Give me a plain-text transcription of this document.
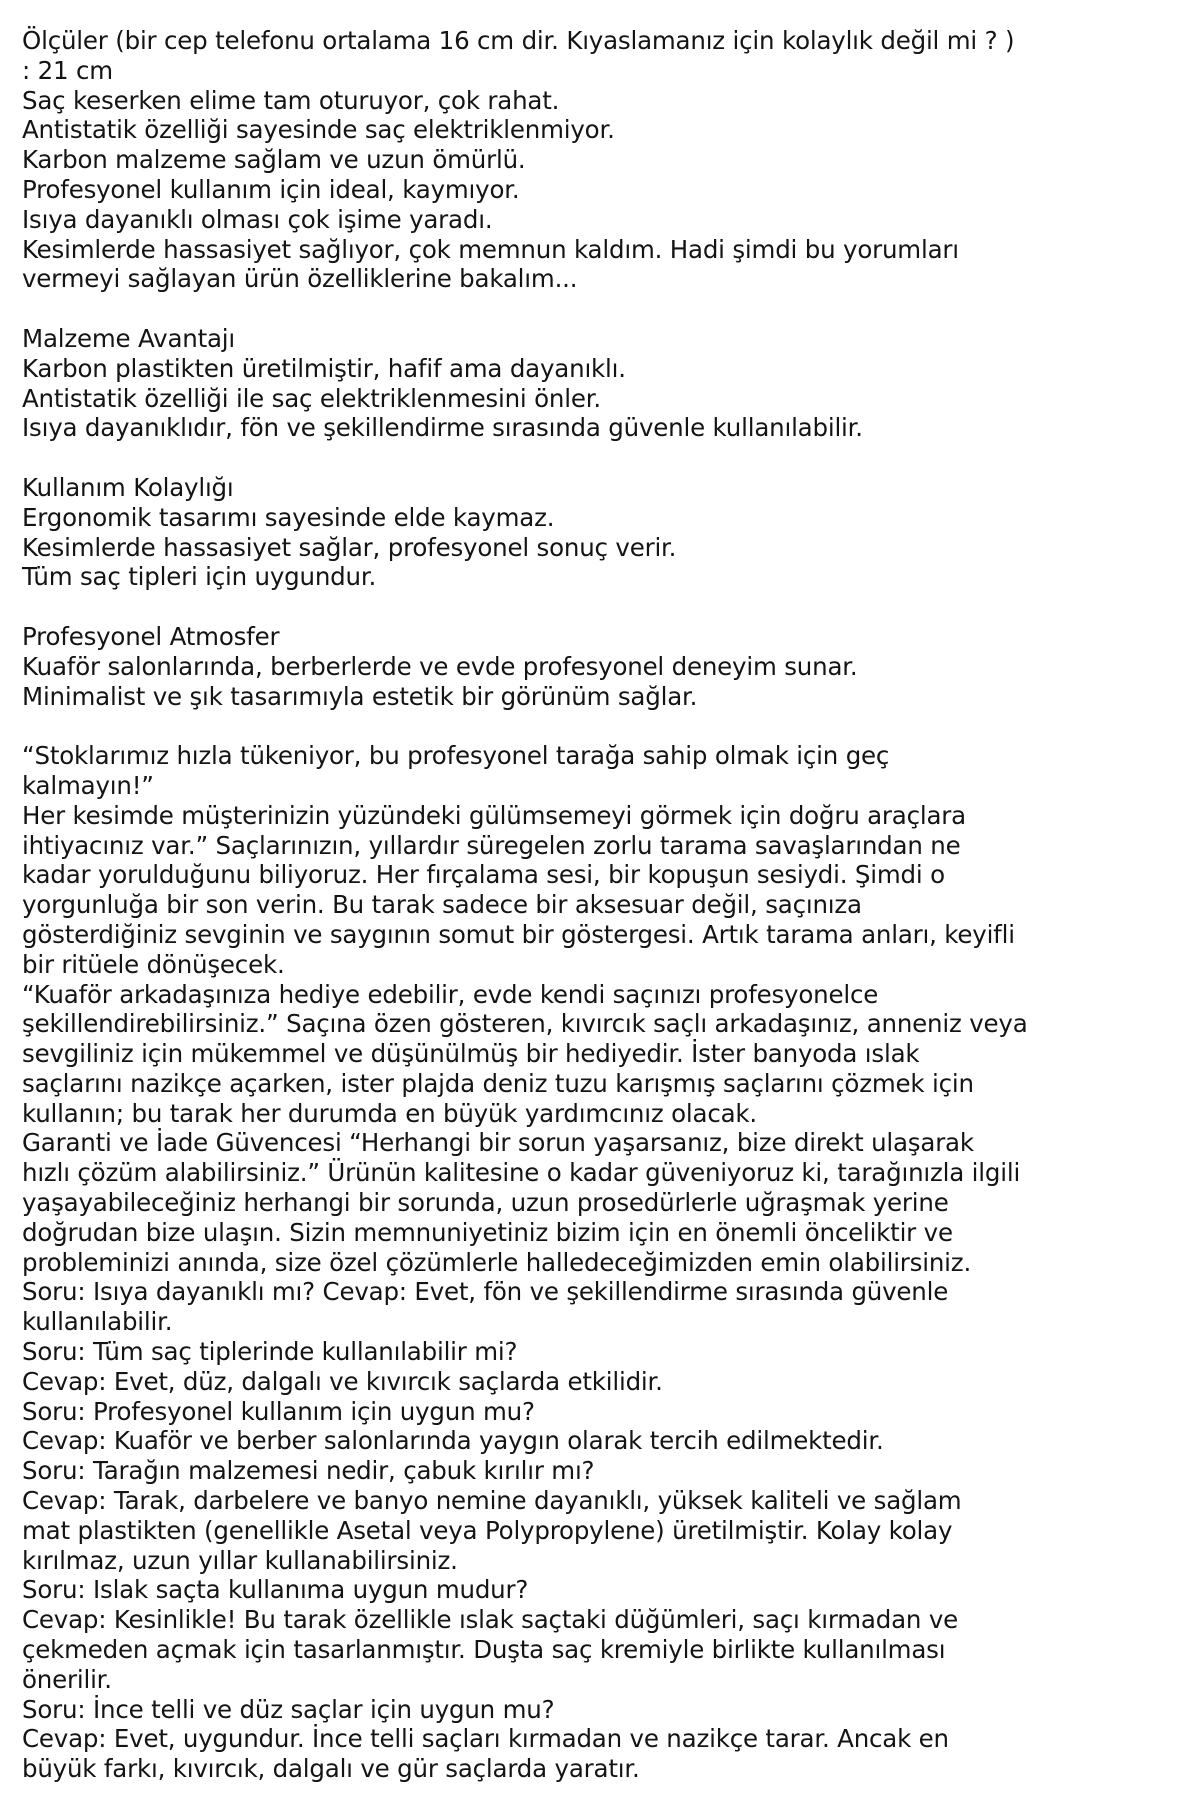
Ölçüler (bir cep telefonu ortalama 16 cm dir. Kıyaslamanız için kolaylık değil mi ? )
: 21 cm
Saç keserken elime tam oturuyor, çok rahat.
Antistatik özelliği sayesinde saç elektriklenmiyor.
Karbon malzeme sağlam ve uzun ömürlü.
Profesyonel kullanım için ideal, kaymıyor.
Isıya dayanıklı olması çok işime yaradı.
Kesimlerde hassasiyet sağlıyor, çok memnun kaldım. Hadi şimdi bu yorumları
vermeyi sağlayan ürün özelliklerine bakalım...
Malzeme Avantajı
Karbon plastikten üretilmiştir, hafif ama dayanıklı.
Antistatik özelliği ile saç elektriklenmesini önler.
Isıya dayanıklıdır, fön ve şekillendirme sırasında güvenle kullanılabilir.
Kullanım Kolaylığı
Ergonomik tasarımı sayesinde elde kaymaz.
Kesimlerde hassasiyet sağlar, profesyonel sonuç verir.
Tüm saç tipleri için uygundur.
Profesyonel Atmosfer
Kuaför salonlarında, berberlerde ve evde profesyonel deneyim sunar.
Minimalist ve şık tasarımıyla estetik bir görünüm sağlar.
“Stoklarımız hızla tükeniyor, bu profesyonel tarağa sahip olmak için geç
kalmayın!”
Her kesimde müşterinizin yüzündeki gülümsemeyi görmek için doğru araçlara
ihtiyacınız var.” Saçlarınızın, yıllardır süregelen zorlu tarama savaşlarından ne
kadar yorulduğunu biliyoruz. Her fırçalama sesi, bir kopuşun sesiydi. Şimdi o
yorgunluğa bir son verin. Bu tarak sadece bir aksesuar değil, saçınıza
gösterdiğiniz sevginin ve saygının somut bir göstergesi. Artık tarama anları, keyifli
bir ritüele dönüşecek.
“Kuaför arkadaşınıza hediye edebilir, evde kendi saçınızı profesyonelce
şekillendirebilirsiniz.” Saçına özen gösteren, kıvırcık saçlı arkadaşınız, anneniz veya
sevgiliniz için mükemmel ve düşünülmüş bir hediyedir. İster banyoda ıslak
saçlarını nazikçe açarken, ister plajda deniz tuzu karışmış saçlarını çözmek için
kullanın; bu tarak her durumda en büyük yardımcınız olacak.
Garanti ve İade Güvencesi “Herhangi bir sorun yaşarsanız, bize direkt ulaşarak
hızlı çözüm alabilirsiniz.” Ürünün kalitesine o kadar güveniyoruz ki, tarağınızla ilgili
yaşayabileceğiniz herhangi bir sorunda, uzun prosedürlerle uğraşmak yerine
doğrudan bize ulaşın. Sizin memnuniyetiniz bizim için en önemli önceliktir ve
probleminizi anında, size özel çözümlerle halledeceğimizden emin olabilirsiniz.
Soru: Isıya dayanıklı mı? Cevap: Evet, fön ve şekillendirme sırasında güvenle
kullanılabilir.
Soru: Tüm saç tiplerinde kullanılabilir mi?
Cevap: Evet, düz, dalgalı ve kıvırcık saçlarda etkilidir.
Soru: Profesyonel kullanım için uygun mu?
Cevap: Kuaför ve berber salonlarında yaygın olarak tercih edilmektedir.
Soru: Tarağın malzemesi nedir, çabuk kırılır mı?
Cevap: Tarak, darbelere ve banyo nemine dayanıklı, yüksek kaliteli ve sağlam
mat plastikten (genellikle Asetal veya Polypropylene) üretilmiştir. Kolay kolay
kırılmaz, uzun yıllar kullanabilirsiniz.
Soru: Islak saçta kullanıma uygun mudur?
Cevap: Kesinlikle! Bu tarak özellikle ıslak saçtaki düğümleri, saçı kırmadan ve
çekmeden açmak için tasarlanmıştır. Duşta saç kremiyle birlikte kullanılması
önerilir.
Soru: İnce telli ve düz saçlar için uygun mu?
Cevap: Evet, uygundur. İnce telli saçları kırmadan ve nazikçe tarar. Ancak en
büyük farkı, kıvırcık, dalgalı ve gür saçlarda yaratır.
